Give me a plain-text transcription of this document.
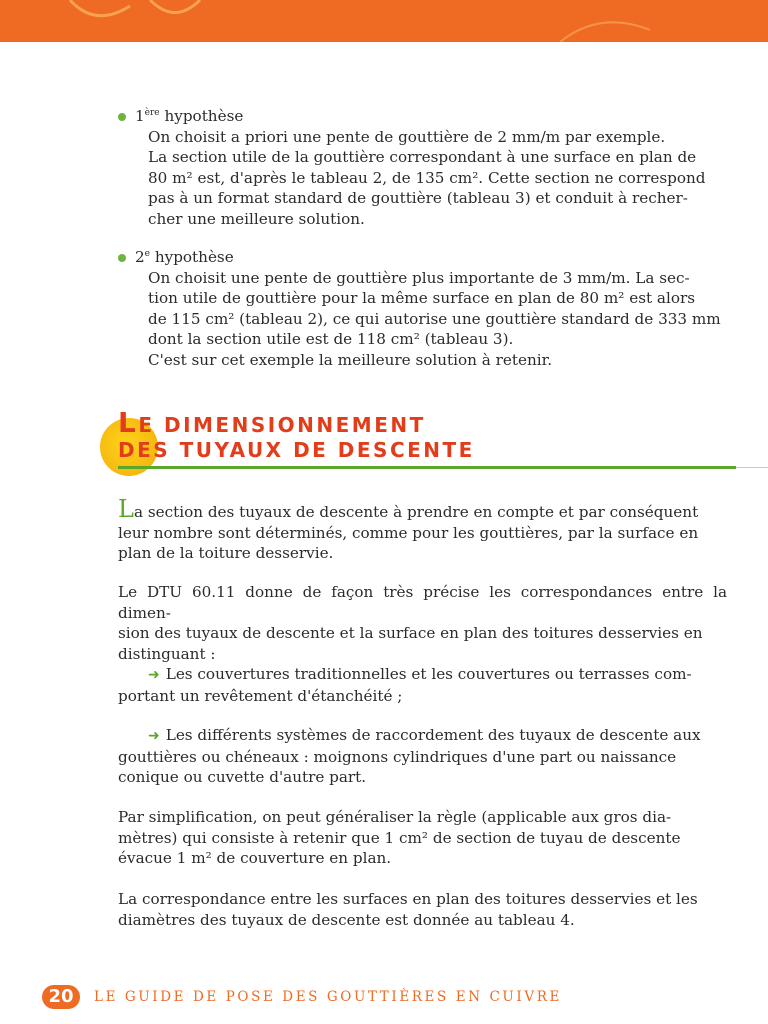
1ère hypothèse
On choisit a priori une pente de gouttière de 2 mm/m par exemple.
La section utile de la gouttière correspondant à une surface en plan de
80 m² est, d'après le tableau 2, de 135 cm². Cette section ne correspond
pas à un format standard de gouttière (tableau 3) et conduit à recher-
cher une meilleure solution.
2e hypothèse
On choisit une pente de gouttière plus importante de 3 mm/m. La sec-
tion utile de gouttière pour la même surface en plan de 80 m² est alors
de 115 cm² (tableau 2), ce qui autorise une gouttière standard de 333 mm
dont la section utile est de 118 cm² (tableau 3).
C'est sur cet exemple la meilleure solution à retenir.
LE DIMENSIONNEMENT
DES TUYAUX DE DESCENTE
La section des tuyaux de descente à prendre en compte et par conséquent
leur nombre sont déterminés, comme pour les gouttières, par la surface en
plan de la toiture desservie.
Le DTU 60.11 donne de façon très précise les correspondances entre la dimen-
sion des tuyaux de descente et la surface en plan des toitures desservies en
distinguant :
➜ Les couvertures traditionnelles et les couvertures ou terrasses com-
portant un revêtement d'étanchéité ;
➜ Les différents systèmes de raccordement des tuyaux de descente aux
gouttières ou chéneaux : moignons cylindriques d'une part ou naissance
conique ou cuvette d'autre part.
Par simplification, on peut généraliser la règle (applicable aux gros dia-
mètres) qui consiste à retenir que 1 cm² de section de tuyau de descente
évacue 1 m² de couverture en plan.
La correspondance entre les surfaces en plan des toitures desservies et les
diamètres des tuyaux de descente est donnée au tableau 4.
20	LE GUIDE DE POSE DES GOUTTIÈRES EN CUIVRE
